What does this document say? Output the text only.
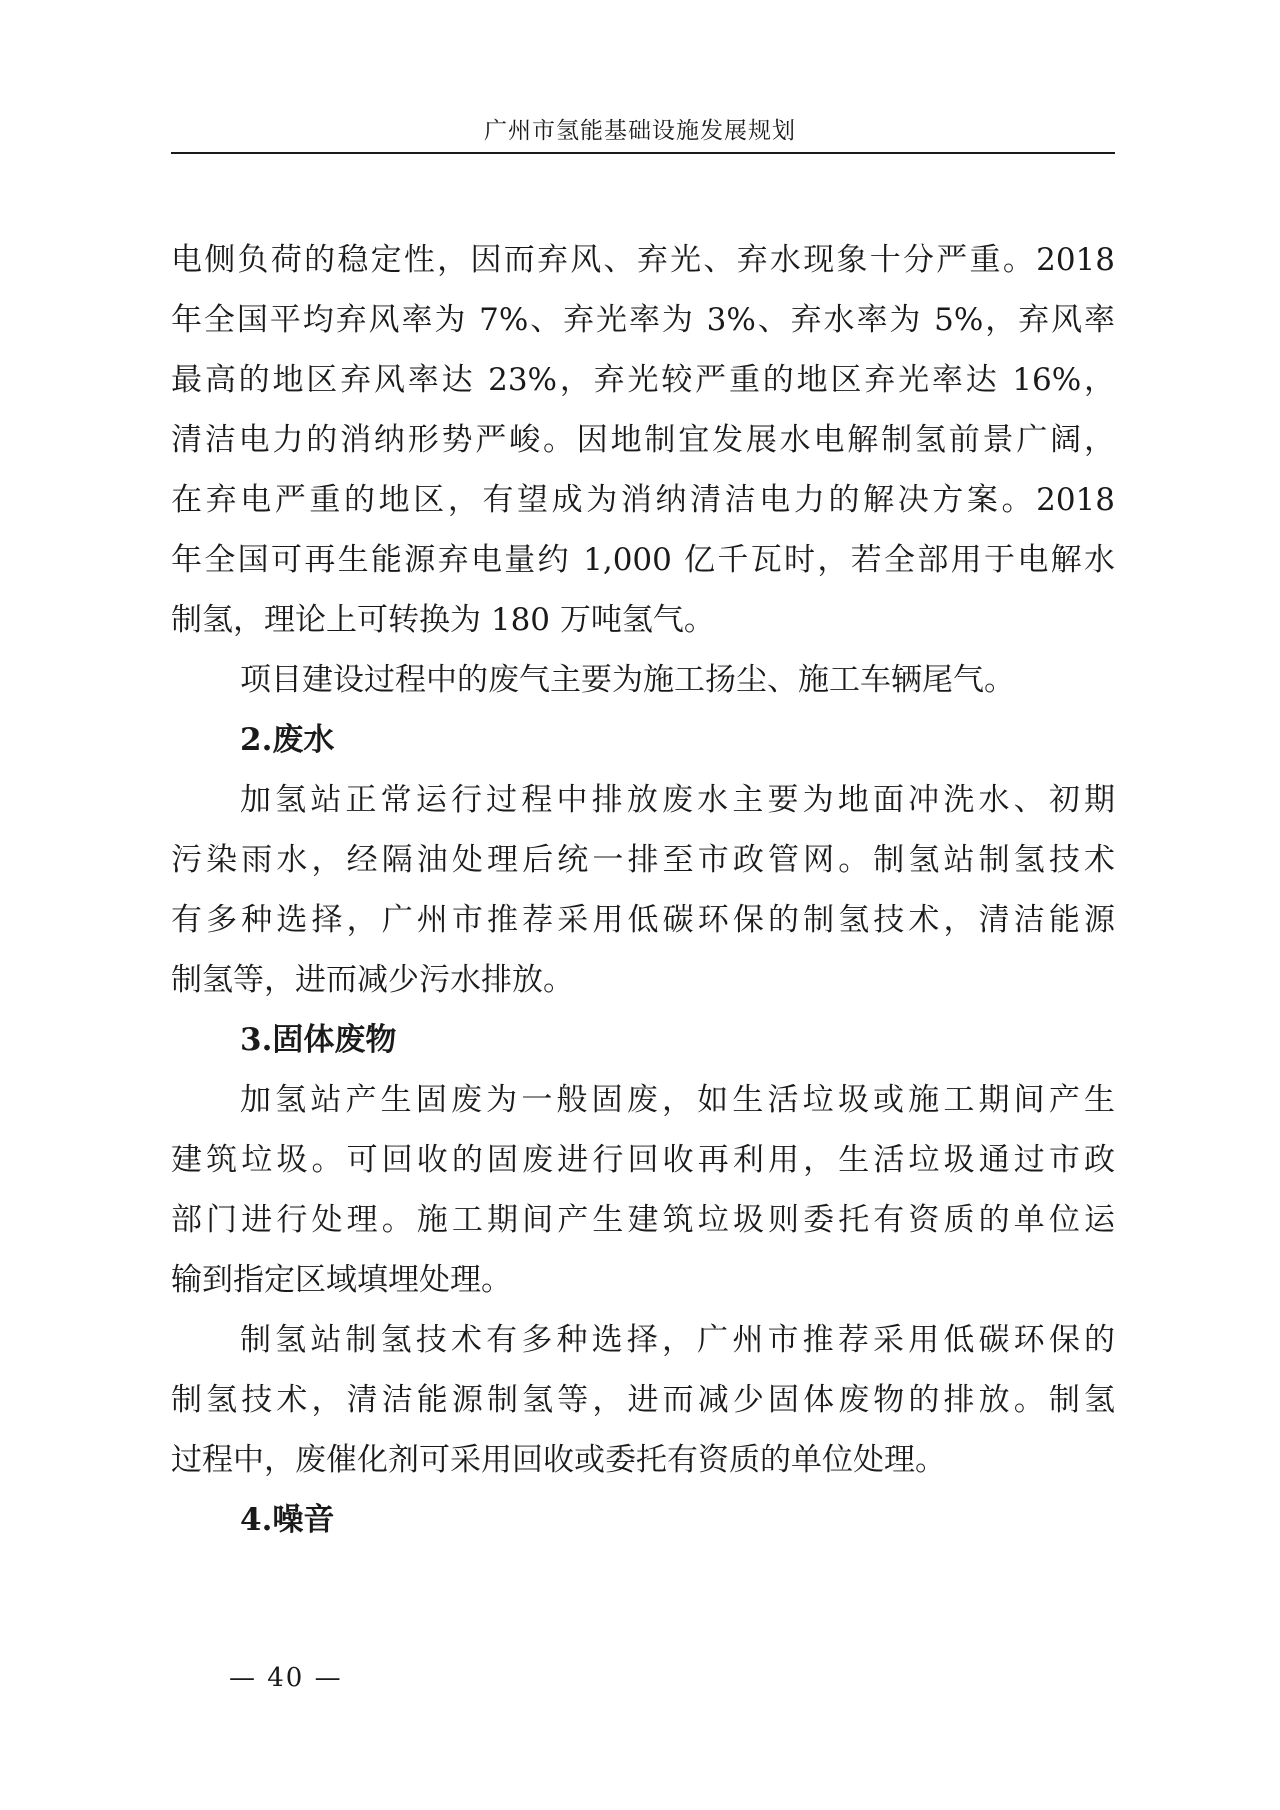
广州市氢能基础设施发展规划
电侧负荷的稳定性，因而弃风、弃光、弃水现象十分严重。2018
年全国平均弃风率为 7%、弃光率为 3%、弃水率为 5%，弃风率
最高的地区弃风率达 23%，弃光较严重的地区弃光率达 16%，
清洁电力的消纳形势严峻。因地制宜发展水电解制氢前景广阔，
在弃电严重的地区，有望成为消纳清洁电力的解决方案。2018
年全国可再生能源弃电量约 1,000 亿千瓦时，若全部用于电解水
制氢，理论上可转换为 180 万吨氢气。
项目建设过程中的废气主要为施工扬尘、施工车辆尾气。
2.废水
加氢站正常运行过程中排放废水主要为地面冲洗水、初期
污染雨水，经隔油处理后统一排至市政管网。制氢站制氢技术
有多种选择，广州市推荐采用低碳环保的制氢技术，清洁能源
制氢等，进而减少污水排放。
3.固体废物
加氢站产生固废为一般固废，如生活垃圾或施工期间产生
建筑垃圾。可回收的固废进行回收再利用，生活垃圾通过市政
部门进行处理。施工期间产生建筑垃圾则委托有资质的单位运
输到指定区域填埋处理。
制氢站制氢技术有多种选择，广州市推荐采用低碳环保的
制氢技术，清洁能源制氢等，进而减少固体废物的排放。制氢
过程中，废催化剂可采用回收或委托有资质的单位处理。
4.噪音
— 40 —
